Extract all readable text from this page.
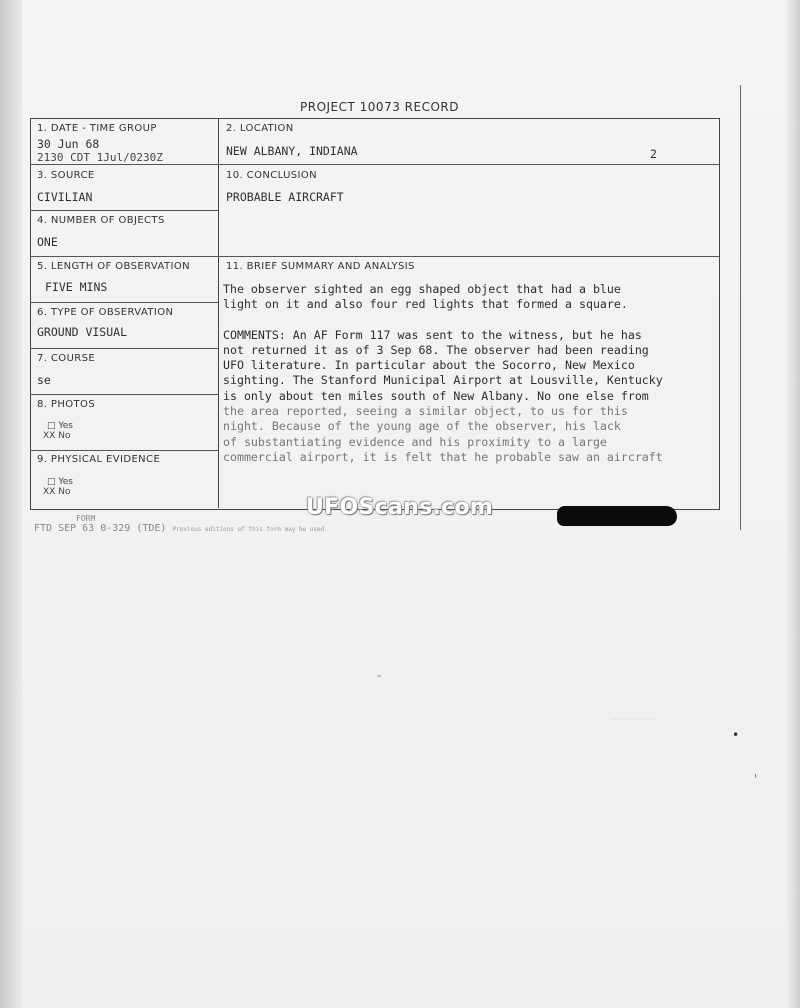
~~~~~~
-
•
'
PROJECT 10073 RECORD
1. DATE - TIME GROUP
30 Jun 68
2130 CDT 1Jul/0230Z
2. LOCATION
NEW ALBANY, INDIANA	2
3. SOURCE
CIVILIAN
10. CONCLUSION
PROBABLE AIRCRAFT
4. NUMBER OF OBJECTS
ONE
5. LENGTH OF OBSERVATION
FIVE MINS
6. TYPE OF OBSERVATION
GROUND VISUAL
7. COURSE
se
8. PHOTOS
□ Yes
XX No
9. PHYSICAL EVIDENCE
□ Yes
XX No
11. BRIEF SUMMARY AND ANALYSIS
The observer sighted an egg shaped object that had a blue
light on it and also four red lights that formed a square.
COMMENTS: An AF Form 117 was sent to the witness, but he has
not returned it as of 3 Sep 68. The observer had been reading
UFO literature. In particular about the Socorro, New Mexico
sighting. The Stanford Municipal Airport at Lousville, Kentucky
is only about ten miles south of New Albany. No one else from
the area reported, seeing a similar object, to us for this
night. Because of the young age of the observer, his lack
of substantiating evidence and his proximity to a large
commercial airport, it is felt that he probable saw an aircraft
FORM
FTD SEP 63 0-329 (TDE) Previous editions of this form may be used.
UFOScans.com
